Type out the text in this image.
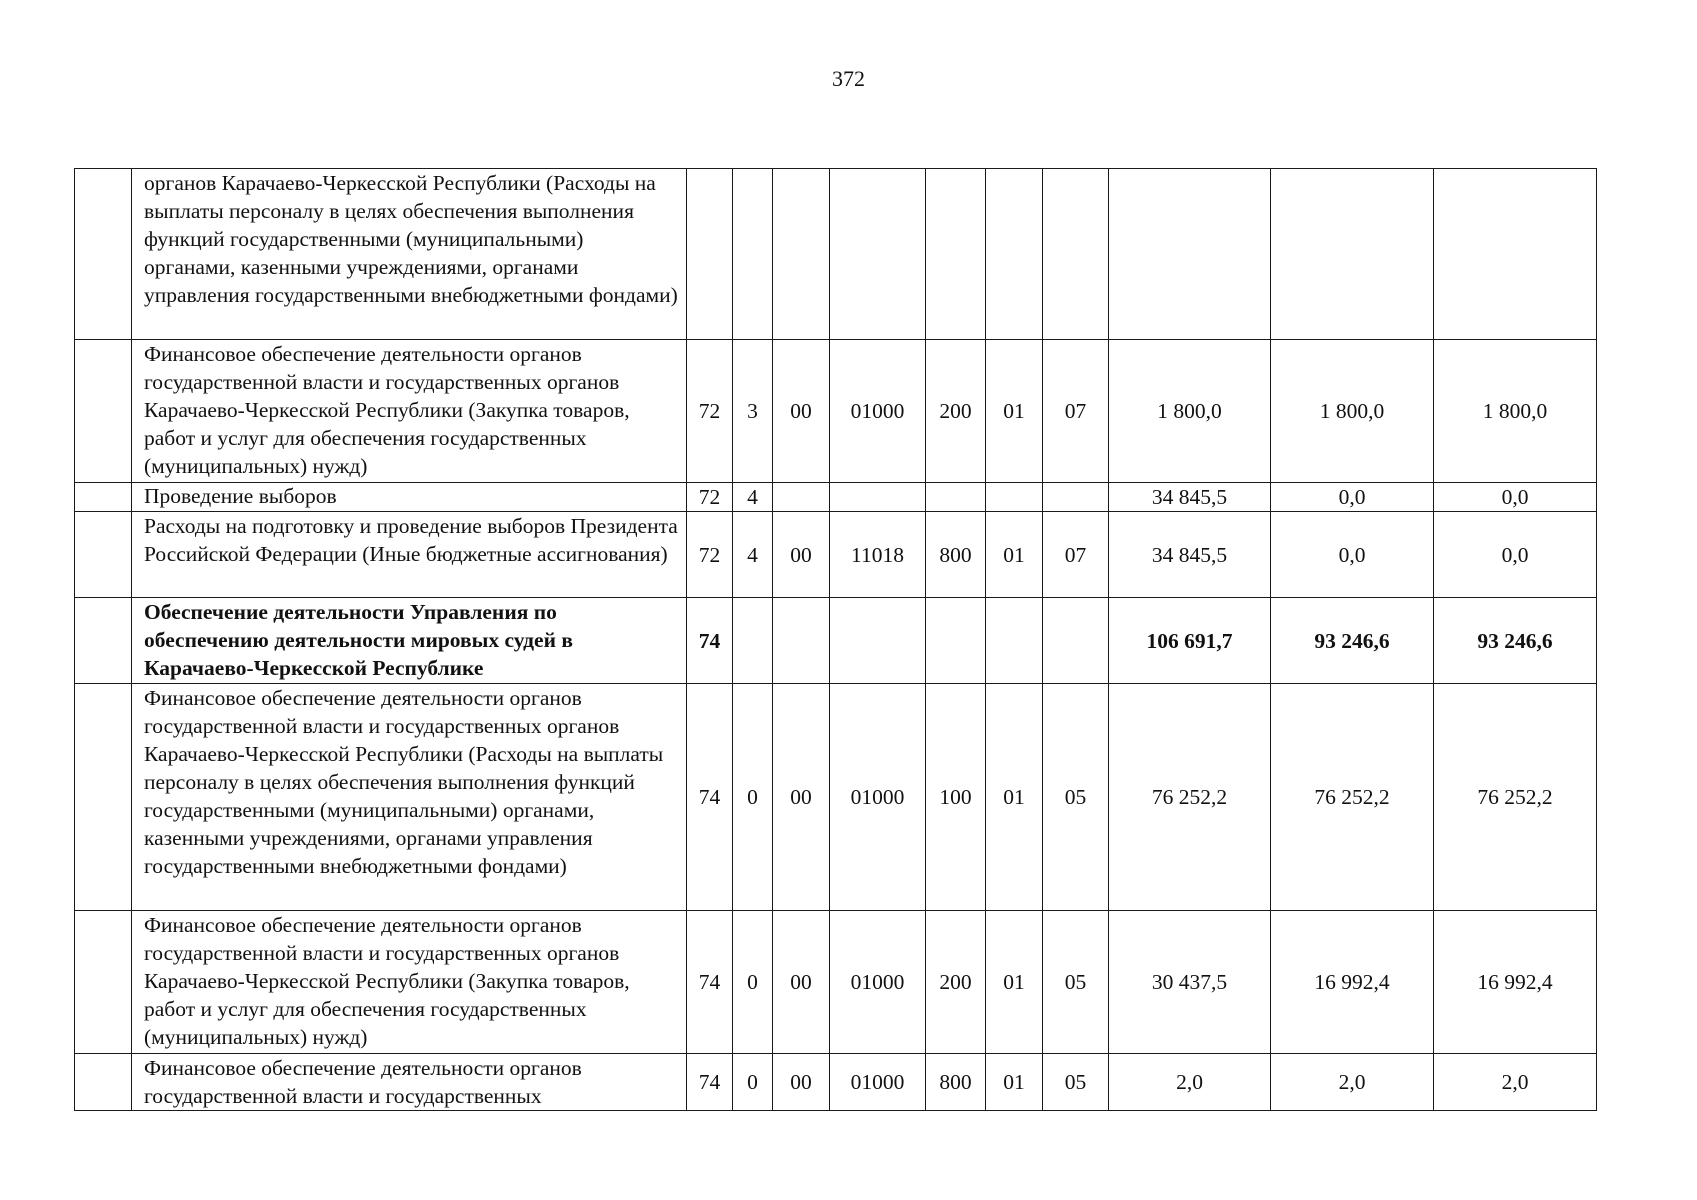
372
	органов Карачаево-Черкесской Республики (Расходы на выплаты персоналу в целях обеспечения выполнения функций государственными (муниципальными) органами, казенными учреждениями, органами управления государственными внебюджетными фондами)										
	Финансовое обеспечение деятельности органов государственной власти и государственных органов Карачаево-Черкесской Республики (Закупка товаров, работ и услуг для обеспечения государственных (муниципальных) нужд)	72	3	00	01000	200	01	07	1 800,0	1 800,0	1 800,0
	Проведение выборов	72	4						34 845,5	0,0	0,0
	Расходы на подготовку и проведение выборов Президента Российской Федерации (Иные бюджетные ассигнования)	72	4	00	11018	800	01	07	34 845,5	0,0	0,0
	Обеспечение деятельности Управления по обеспечению деятельности мировых судей в Карачаево-Черкесской Республике	74							106 691,7	93 246,6	93 246,6
	Финансовое обеспечение деятельности органов государственной власти и государственных органов Карачаево-Черкесской Республики (Расходы на выплаты персоналу в целях обеспечения выполнения функций государственными (муниципальными) органами, казенными учреждениями, органами управления государственными внебюджетными фондами)	74	0	00	01000	100	01	05	76 252,2	76 252,2	76 252,2
	Финансовое обеспечение деятельности органов государственной власти и государственных органов Карачаево-Черкесской Республики (Закупка товаров, работ и услуг для обеспечения государственных (муниципальных) нужд)	74	0	00	01000	200	01	05	30 437,5	16 992,4	16 992,4
	Финансовое обеспечение деятельности органов государственной власти и государственных	74	0	00	01000	800	01	05	2,0	2,0	2,0
